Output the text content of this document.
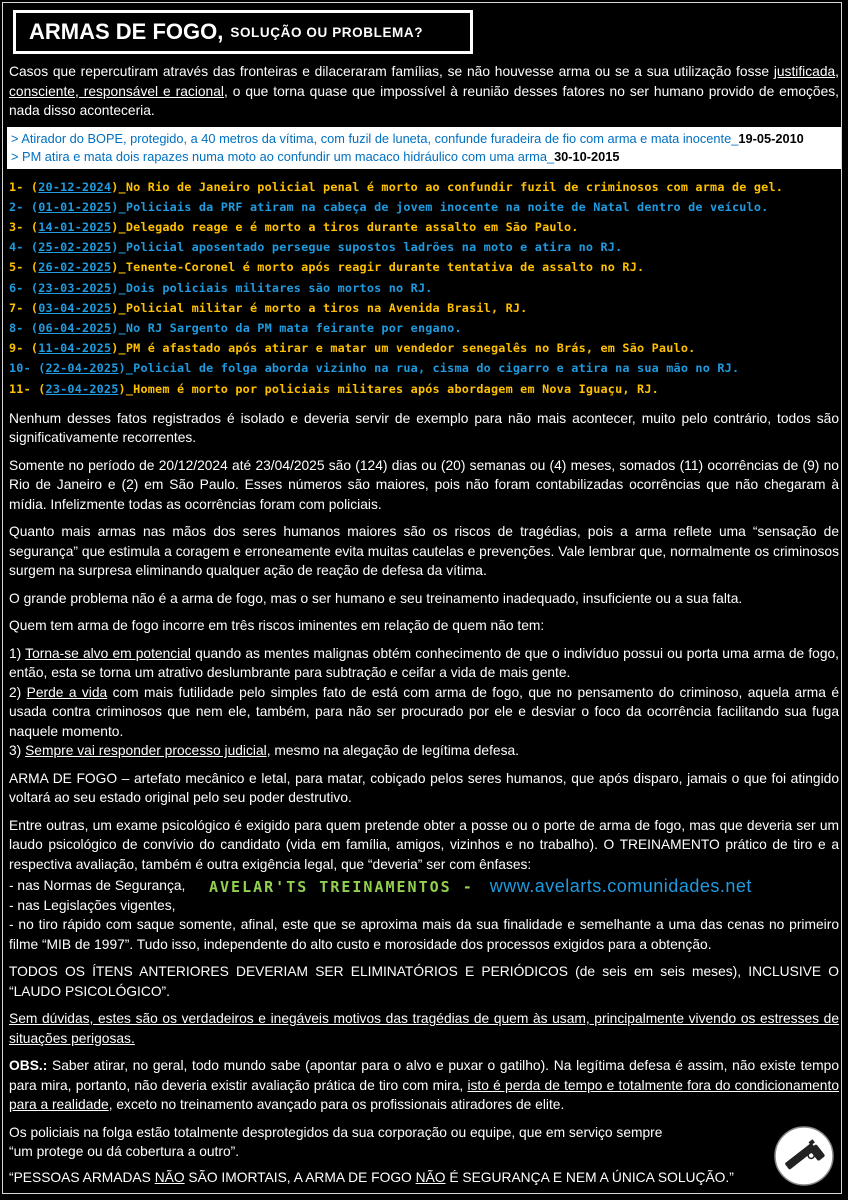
ARMAS DE FOGO, SOLUÇÃO OU PROBLEMA?

Casos que repercutiram através das fronteiras e dilaceraram famílias, se não houvesse arma ou se a sua utilização fosse justificada, consciente, responsável e racional, o que torna quase que impossível à reunião desses fatores no ser humano provido de emoções, nada disso aconteceria.

> Atirador do BOPE, protegido, a 40 metros da vítima, com fuzil de luneta, confunde furadeira de fio com arma e mata inocente_19-05-2010
> PM atira e mata dois rapazes numa moto ao confundir um macaco hidráulico com uma arma_30-10-2015
1- (20-12-2024)_No Rio de Janeiro policial penal é morto ao confundir fuzil de criminosos com arma de gel.
2- (01-01-2025)_Policiais da PRF atiram na cabeça de jovem inocente na noite de Natal dentro de veículo.
3- (14-01-2025)_Delegado reage e é morto a tiros durante assalto em São Paulo.
4- (25-02-2025)_Policial aposentado persegue supostos ladrões na moto e atira no RJ.
5- (26-02-2025)_Tenente-Coronel é morto após reagir durante tentativa de assalto no RJ.
6- (23-03-2025)_Dois policiais militares são mortos no RJ.
7- (03-04-2025)_Policial militar é morto a tiros na Avenida Brasil, RJ.
8- (06-04-2025)_No RJ Sargento da PM mata feirante por engano.
9- (11-04-2025)_PM é afastado após atirar e matar um vendedor senegalês no Brás, em São Paulo.
10- (22-04-2025)_Policial de folga aborda vizinho na rua, cisma do cigarro e atira na sua mão no RJ.
11- (23-04-2025)_Homem é morto por policiais militares após abordagem em Nova Iguaçu, RJ.

Nenhum desses fatos registrados é isolado e deveria servir de exemplo para não mais acontecer, muito pelo contrário, todos são significativamente recorrentes.

Somente no período de 20/12/2024 até 23/04/2025 são (124) dias ou (20) semanas ou (4) meses, somados (11) ocorrências de (9) no Rio de Janeiro e (2) em São Paulo. Esses números são maiores, pois não foram contabilizadas ocorrências que não chegaram à mídia. Infelizmente todas as ocorrências foram com policiais.

Quanto mais armas nas mãos dos seres humanos maiores são os riscos de tragédias, pois a arma reflete uma “sensação de segurança” que estimula a coragem e erroneamente evita muitas cautelas e prevenções. Vale lembrar que, normalmente os criminosos surgem na surpresa eliminando qualquer ação de reação de defesa da vítima.

O grande problema não é a arma de fogo, mas o ser humano e seu treinamento inadequado, insuficiente ou a sua falta.

Quem tem arma de fogo incorre em três riscos iminentes em relação de quem não tem:

1) Torna-se alvo em potencial quando as mentes malignas obtém conhecimento de que o indivíduo possui ou porta uma arma de fogo, então, esta se torna um atrativo deslumbrante para subtração e ceifar a vida de mais gente.

2) Perde a vida com mais futilidade pelo simples fato de está com arma de fogo, que no pensamento do criminoso, aquela arma é usada contra criminosos que nem ele, também, para não ser procurado por ele e desviar o foco da ocorrência facilitando sua fuga naquele momento.

3) Sempre vai responder processo judicial, mesmo na alegação de legítima defesa.

ARMA DE FOGO – artefato mecânico e letal, para matar, cobiçado pelos seres humanos, que após disparo, jamais o que foi atingido voltará ao seu estado original pelo seu poder destrutivo.

Entre outras, um exame psicológico é exigido para quem pretende obter a posse ou o porte de arma de fogo, mas que deveria ser um laudo psicológico de convívio do candidato (vida em família, amigos, vizinhos e no trabalho). O TREINAMENTO prático de tiro e a respectiva avaliação, também é outra exigência legal, que “deveria” ser com ênfases:

- nas Normas de Segurança,
- nas Legislações vigentes,
- no tiro rápido com saque somente, afinal, este que se aproxima mais da sua finalidade e semelhante a uma das cenas no primeiro filme “MIB de 1997”. Tudo isso, independente do alto custo e morosidade dos processos exigidos para a obtenção.
AVELAR'TS TREINAMENTOS - www.avelarts.comunidades.net

TODOS OS ÍTENS ANTERIORES DEVERIAM SER ELIMINATÓRIOS E PERIÓDICOS (de seis em seis meses), INCLUSIVE O “LAUDO PSICOLÓGICO”.

Sem dúvidas, estes são os verdadeiros e inegáveis motivos das tragédias de quem às usam, principalmente vivendo os estresses de situações perigosas.

OBS.: Saber atirar, no geral, todo mundo sabe (apontar para o alvo e puxar o gatilho). Na legítima defesa é assim, não existe tempo para mira, portanto, não deveria existir avaliação prática de tiro com mira, isto é perda de tempo e totalmente fora do condicionamento para a realidade, exceto no treinamento avançado para os profissionais atiradores de elite.

Os policiais na folga estão totalmente desprotegidos da sua corporação ou equipe, que em serviço sempre
“um protege ou dá cobertura a outro”.

“PESSOAS ARMADAS NÃO SÃO IMORTAIS, A ARMA DE FOGO NÃO É SEGURANÇA E NEM A ÚNICA SOLUÇÃO.”
